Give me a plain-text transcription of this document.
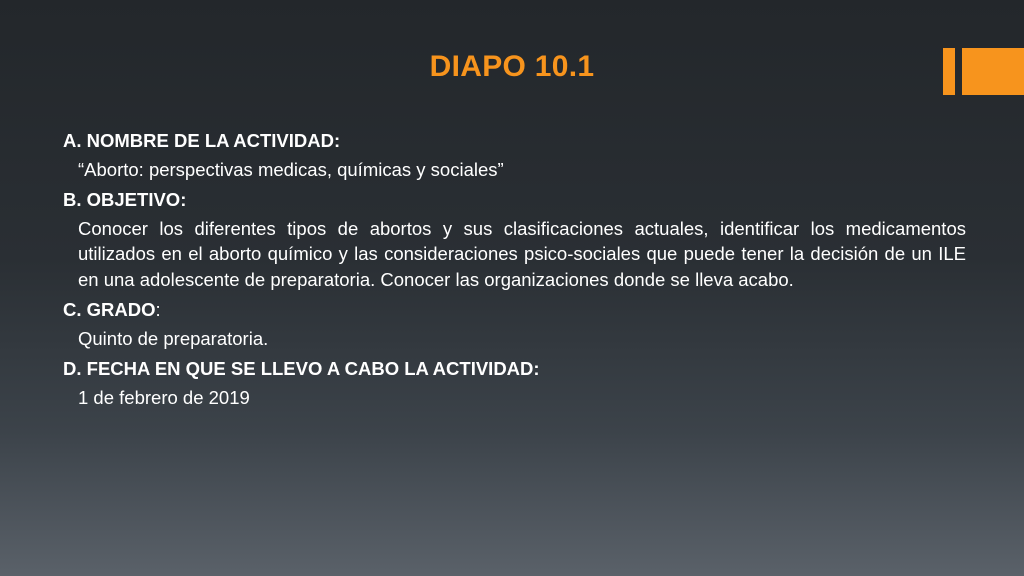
DIAPO 10.1

A. NOMBRE DE LA ACTIVIDAD:

“Aborto: perspectivas medicas, químicas y sociales”

B. OBJETIVO:

Conocer los diferentes tipos de abortos y sus clasificaciones actuales, identificar los medicamentos utilizados en el aborto químico y las consideraciones psico-sociales que puede tener la decisión de un ILE en una adolescente de preparatoria. Conocer las organizaciones donde se lleva acabo.

C. GRADO:

Quinto de preparatoria.

D. FECHA EN QUE SE LLEVO A CABO LA ACTIVIDAD:

1 de febrero de 2019
